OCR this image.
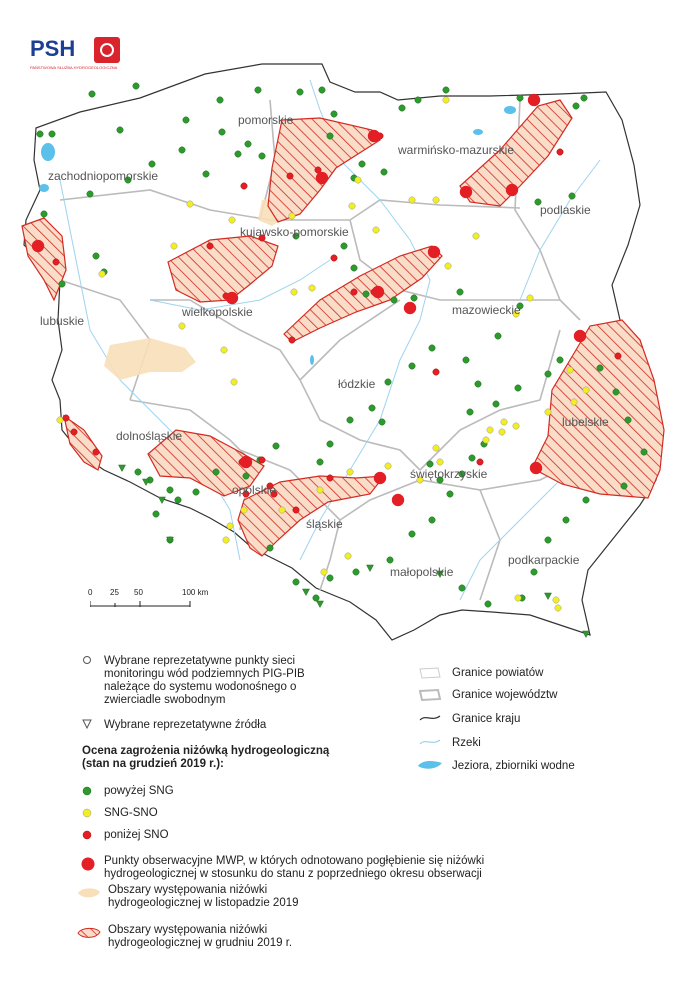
pomorskie
warmińsko-mazurskie
zachodniopomorskie
podlaskie
kujawsko-pomorskie
lubuskie
wielkopolskie	mazowieckie
łódzkie
lubelskie
dolnośląskie
opolskie
świętokrzyskie
śląskie
małopolskie
podkarpackie
PSH
PAŃSTWOWA SŁUŻBA HYDROGEOLOGICZNA
0 25 50	100 km
Wybrane reprezetatywne punkty sieci monitoringu wód podziemnych PIG-PIB należące do systemu wodonośnego o zwierciadle swobodnym
Wybrane reprezetatywne źródła
Ocena zagrożenia niżówką hydrogeologiczną
(stan na grudzień 2019 r.):
powyżej SNG
SNG-SNO
poniżej SNO
Punkty obserwacyjne MWP, w których odnotowano pogłębienie się niżówki hydrogeologicznej w stosunku do stanu z poprzedniego okresu obserwacji
Obszary występowania niżówki hydrogeologicznej w listopadzie 2019
Obszary występowania niżówki hydrogeologicznej w grudniu 2019 r.
Granice powiatów
Granice województw
Granice kraju
Rzeki
Jeziora, zbiorniki wodne
